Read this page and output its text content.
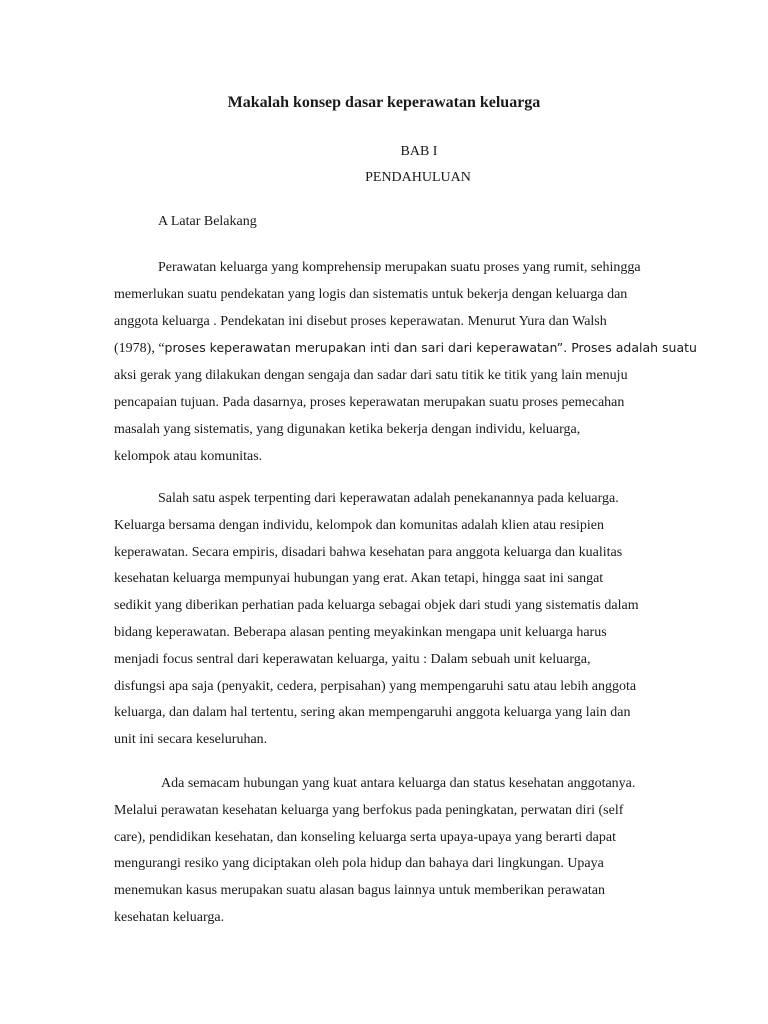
Makalah konsep dasar keperawatan keluarga
BAB I
PENDAHULUAN
A Latar Belakang
Perawatan keluarga yang komprehensip merupakan suatu proses yang rumit, sehingga
memerlukan suatu pendekatan yang logis dan sistematis untuk bekerja dengan keluarga dan
anggota keluarga . Pendekatan ini disebut proses keperawatan. Menurut Yura dan Walsh
(1978), “proses keperawatan merupakan inti dan sari dari keperawatan”. Proses adalah suatu
aksi gerak yang dilakukan dengan sengaja dan sadar dari satu titik ke titik yang lain menuju
pencapaian tujuan. Pada dasarnya, proses keperawatan merupakan suatu proses pemecahan
masalah yang sistematis, yang digunakan ketika bekerja dengan individu, keluarga,
kelompok atau komunitas.
Salah satu aspek terpenting dari keperawatan adalah penekanannya pada keluarga.
Keluarga bersama dengan individu, kelompok dan komunitas adalah klien atau resipien
keperawatan. Secara empiris, disadari bahwa kesehatan para anggota keluarga dan kualitas
kesehatan keluarga mempunyai hubungan yang erat. Akan tetapi, hingga saat ini sangat
sedikit yang diberikan perhatian pada keluarga sebagai objek dari studi yang sistematis dalam
bidang keperawatan. Beberapa alasan penting meyakinkan mengapa unit keluarga harus
menjadi focus sentral dari keperawatan keluarga, yaitu : Dalam sebuah unit keluarga,
disfungsi apa saja (penyakit, cedera, perpisahan) yang mempengaruhi satu atau lebih anggota
keluarga, dan dalam hal tertentu, sering akan mempengaruhi anggota keluarga yang lain dan
unit ini secara keseluruhan.
Ada semacam hubungan yang kuat antara keluarga dan status kesehatan anggotanya.
Melalui perawatan kesehatan keluarga yang berfokus pada peningkatan, perwatan diri (self
care), pendidikan kesehatan, dan konseling keluarga serta upaya-upaya yang berarti dapat
mengurangi resiko yang diciptakan oleh pola hidup dan bahaya dari lingkungan. Upaya
menemukan kasus merupakan suatu alasan bagus lainnya untuk memberikan perawatan
kesehatan keluarga.
